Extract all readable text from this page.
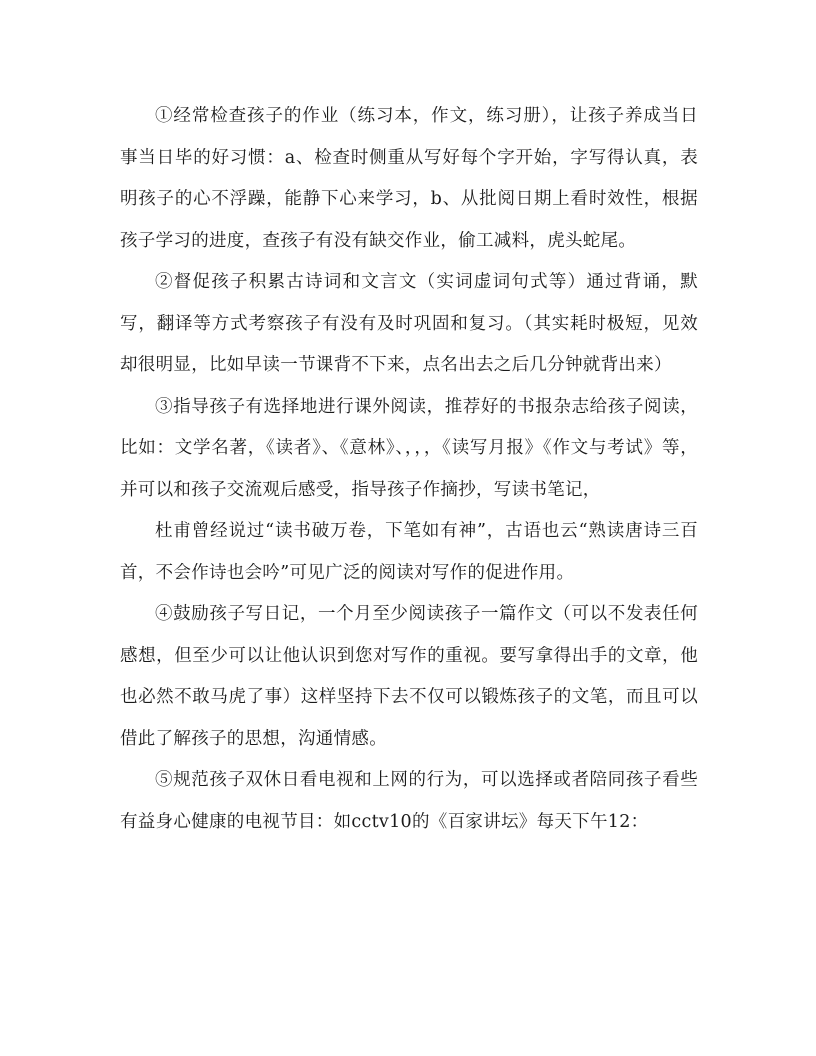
①经常检查孩子的作业（练习本，作文，练习册），让孩子养成当日事当日毕的好习惯：a、检查时侧重从写好每个字开始，字写得认真，表明孩子的心不浮躁，能静下心来学习，b、从批阅日期上看时效性，根据孩子学习的进度，查孩子有没有缺交作业，偷工减料，虎头蛇尾。

②督促孩子积累古诗词和文言文（实词虚词句式等）通过背诵，默写，翻译等方式考察孩子有没有及时巩固和复习。（其实耗时极短，见效却很明显，比如早读一节课背不下来，点名出去之后几分钟就背出来）

③指导孩子有选择地进行课外阅读，推荐好的书报杂志给孩子阅读，比如：文学名著，《读者》、《意林》、，，，《读写月报》《作文与考试》等，并可以和孩子交流观后感受，指导孩子作摘抄，写读书笔记，

杜甫曾经说过“读书破万卷，下笔如有神”，古语也云“熟读唐诗三百首，不会作诗也会吟”可见广泛的阅读对写作的促进作用。

④鼓励孩子写日记，一个月至少阅读孩子一篇作文（可以不发表任何感想，但至少可以让他认识到您对写作的重视。要写拿得出手的文章，他也必然不敢马虎了事）这样坚持下去不仅可以锻炼孩子的文笔，而且可以借此了解孩子的思想，沟通情感。

⑤规范孩子双休日看电视和上网的行为，可以选择或者陪同孩子看些有益身心健康的电视节目：如cctv10的《百家讲坛》每天下午12：
